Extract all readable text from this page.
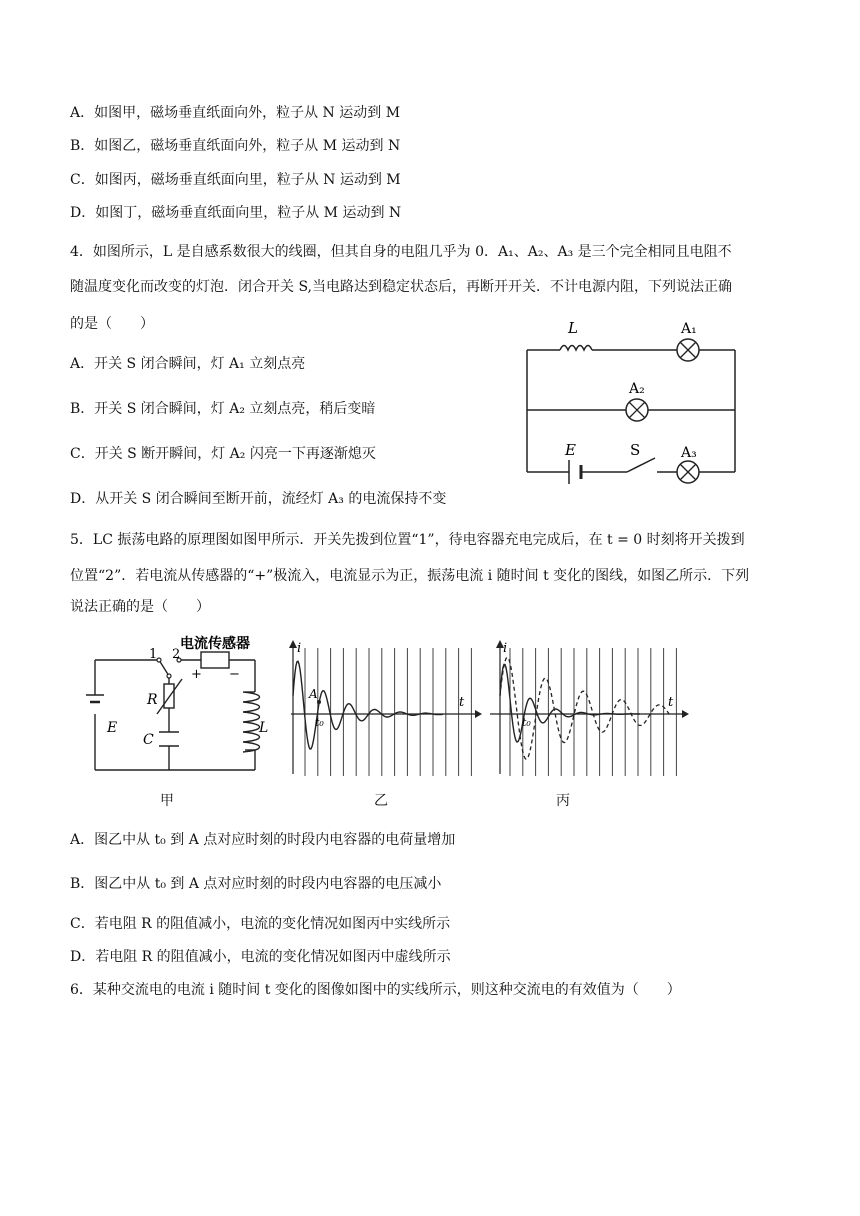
A．如图甲，磁场垂直纸面向外，粒子从 N 运动到 M
B．如图乙，磁场垂直纸面向外，粒子从 M 运动到 N
C．如图丙，磁场垂直纸面向里，粒子从 N 运动到 M
D．如图丁，磁场垂直纸面向里，粒子从 M 运动到 N
4．如图所示，L 是自感系数很大的线圈，但其自身的电阻几乎为 0．A₁、A₂、A₃ 是三个完全相同且电阻不
随温度变化而改变的灯泡．闭合开关 S,当电路达到稳定状态后，再断开开关．不计电源内阻，下列说法正确
的是（　　）
A．开关 S 闭合瞬间，灯 A₁ 立刻点亮
B．开关 S 闭合瞬间，灯 A₂ 立刻点亮，稍后变暗
C．开关 S 断开瞬间，灯 A₂ 闪亮一下再逐渐熄灭
D．从开关 S 闭合瞬间至断开前，流经灯 A₃ 的电流保持不变
L	A₁
A₂
A₃
E	S
5．LC 振荡电路的原理图如图甲所示．开关先拨到位置“1”，待电容器充电完成后，在 t = 0 时刻将开关拨到
位置“2”．若电流从传感器的“+”极流入，电流显示为正，振荡电流 i 随时间 t 变化的图线，如图乙所示．下列
说法正确的是（　　）
电流传感器
1 2
+ −
R
C
E	L
i
t
A
t₀
i
t
t₀
甲	乙	丙
A．图乙中从 t₀ 到 A 点对应时刻的时段内电容器的电荷量增加
B．图乙中从 t₀ 到 A 点对应时刻的时段内电容器的电压减小
C．若电阻 R 的阻值减小，电流的变化情况如图丙中实线所示
D．若电阻 R 的阻值减小，电流的变化情况如图丙中虚线所示
6．某种交流电的电流 i 随时间 t 变化的图像如图中的实线所示，则这种交流电的有效值为（　　）
